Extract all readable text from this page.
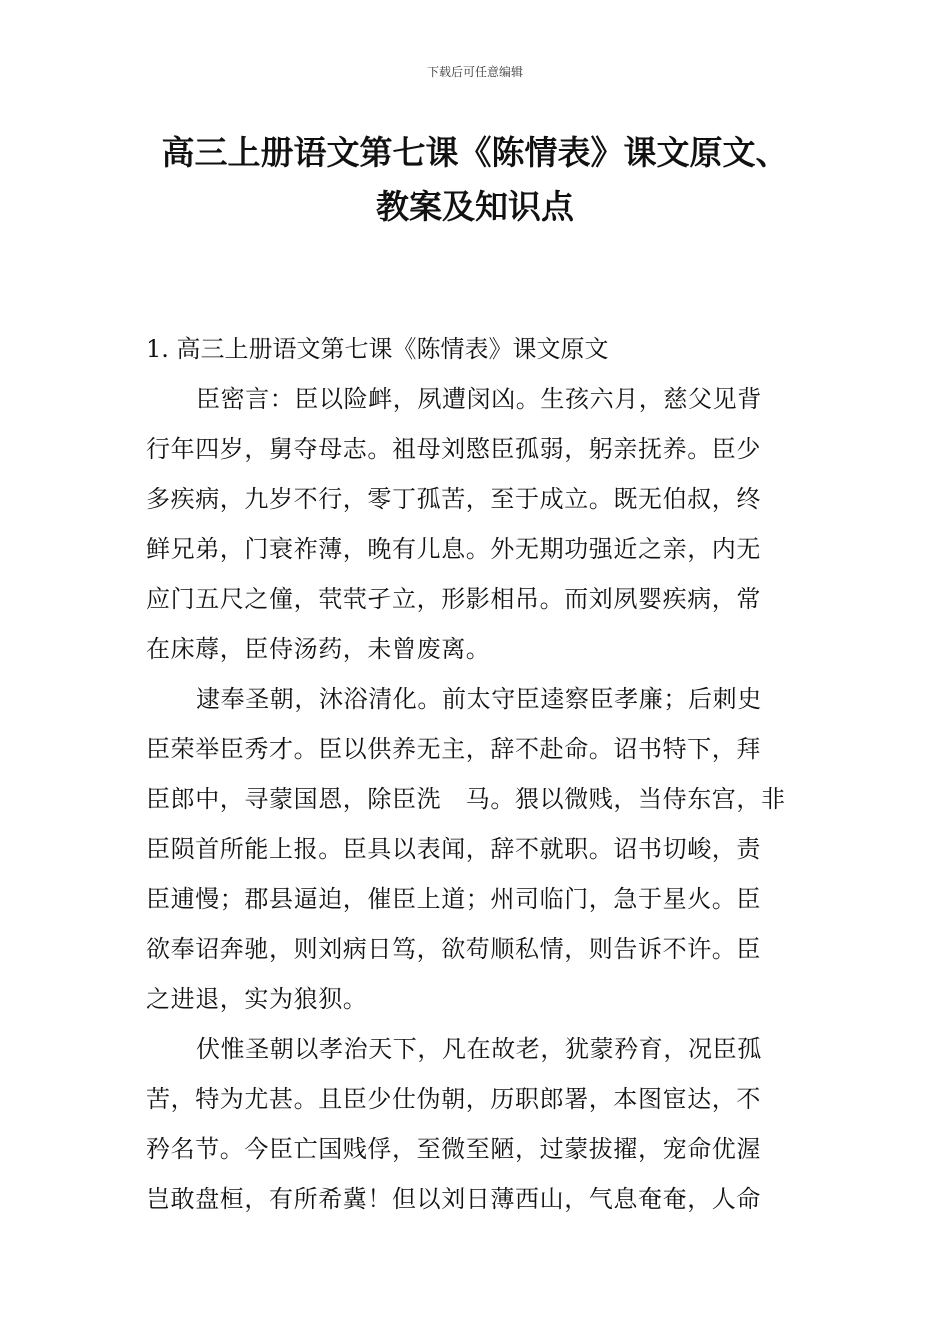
下载后可任意编辑
高三上册语文第七课《陈情表》课文原文、
教案及知识点
1. 高三上册语文第七课《陈情表》课文原文
臣密言：臣以险衅，夙遭闵凶。生孩六月，慈父见背
行年四岁，舅夺母志。祖母刘愍臣孤弱，躬亲抚养。臣少
多疾病，九岁不行，零丁孤苦，至于成立。既无伯叔，终
鲜兄弟，门衰祚薄，晚有儿息。外无期功强近之亲，内无
应门五尺之僮，茕茕孑立，形影相吊。而刘夙婴疾病，常
在床蓐，臣侍汤药，未曾废离。
逮奉圣朝，沐浴清化。前太守臣逵察臣孝廉；后刺史
臣荣举臣秀才。臣以供养无主，辞不赴命。诏书特下，拜
臣郎中，寻蒙国恩，除臣洗　马。猥以微贱，当侍东宫，非
臣陨首所能上报。臣具以表闻，辞不就职。诏书切峻，责
臣逋慢；郡县逼迫，催臣上道；州司临门，急于星火。臣
欲奉诏奔驰，则刘病日笃，欲苟顺私情，则告诉不许。臣
之进退，实为狼狈。
伏惟圣朝以孝治天下，凡在故老，犹蒙矜育，况臣孤
苦，特为尤甚。且臣少仕伪朝，历职郎署，本图宦达，不
矜名节。今臣亡国贱俘，至微至陋，过蒙拔擢，宠命优渥
岂敢盘桓，有所希冀！但以刘日薄西山，气息奄奄，人命
